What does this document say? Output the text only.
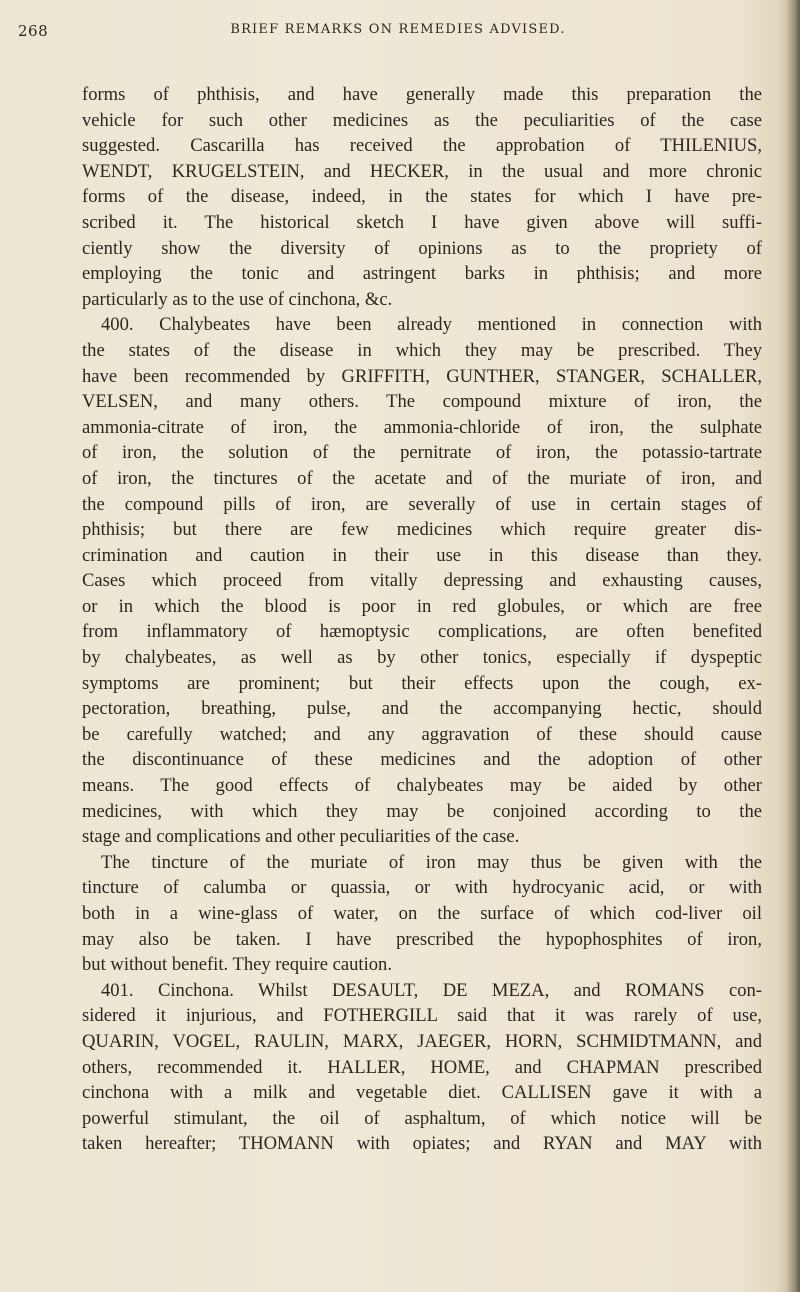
268	BRIEF REMARKS ON REMEDIES ADVISED.
forms of phthisis, and have generally made this preparation the
vehicle for such other medicines as the peculiarities of the case
suggested. Cascarilla has received the approbation of THILENIUS,
WENDT, KRUGELSTEIN, and HECKER, in the usual and more chronic
forms of the disease, indeed, in the states for which I have pre-
scribed it. The historical sketch I have given above will suffi-
ciently show the diversity of opinions as to the propriety of
employing the tonic and astringent barks in phthisis; and more
particularly as to the use of cinchona, &c.
400. Chalybeates have been already mentioned in connection with
the states of the disease in which they may be prescribed. They
have been recommended by GRIFFITH, GUNTHER, STANGER, SCHALLER,
VELSEN, and many others. The compound mixture of iron, the
ammonia-citrate of iron, the ammonia-chloride of iron, the sulphate
of iron, the solution of the pernitrate of iron, the potassio-tartrate
of iron, the tinctures of the acetate and of the muriate of iron, and
the compound pills of iron, are severally of use in certain stages of
phthisis; but there are few medicines which require greater dis-
crimination and caution in their use in this disease than they.
Cases which proceed from vitally depressing and exhausting causes,
or in which the blood is poor in red globules, or which are free
from inflammatory of hæmoptysic complications, are often benefited
by chalybeates, as well as by other tonics, especially if dyspeptic
symptoms are prominent; but their effects upon the cough, ex-
pectoration, breathing, pulse, and the accompanying hectic, should
be carefully watched; and any aggravation of these should cause
the discontinuance of these medicines and the adoption of other
means. The good effects of chalybeates may be aided by other
medicines, with which they may be conjoined according to the
stage and complications and other peculiarities of the case.
The tincture of the muriate of iron may thus be given with the
tincture of calumba or quassia, or with hydrocyanic acid, or with
both in a wine-glass of water, on the surface of which cod-liver oil
may also be taken. I have prescribed the hypophosphites of iron,
but without benefit. They require caution.
401. Cinchona. Whilst DESAULT, DE MEZA, and ROMANS con-
sidered it injurious, and FOTHERGILL said that it was rarely of use,
QUARIN, VOGEL, RAULIN, MARX, JAEGER, HORN, SCHMIDTMANN, and
others, recommended it. HALLER, HOME, and CHAPMAN prescribed
cinchona with a milk and vegetable diet. CALLISEN gave it with a
powerful stimulant, the oil of asphaltum, of which notice will be
taken hereafter; THOMANN with opiates; and RYAN and MAY with
